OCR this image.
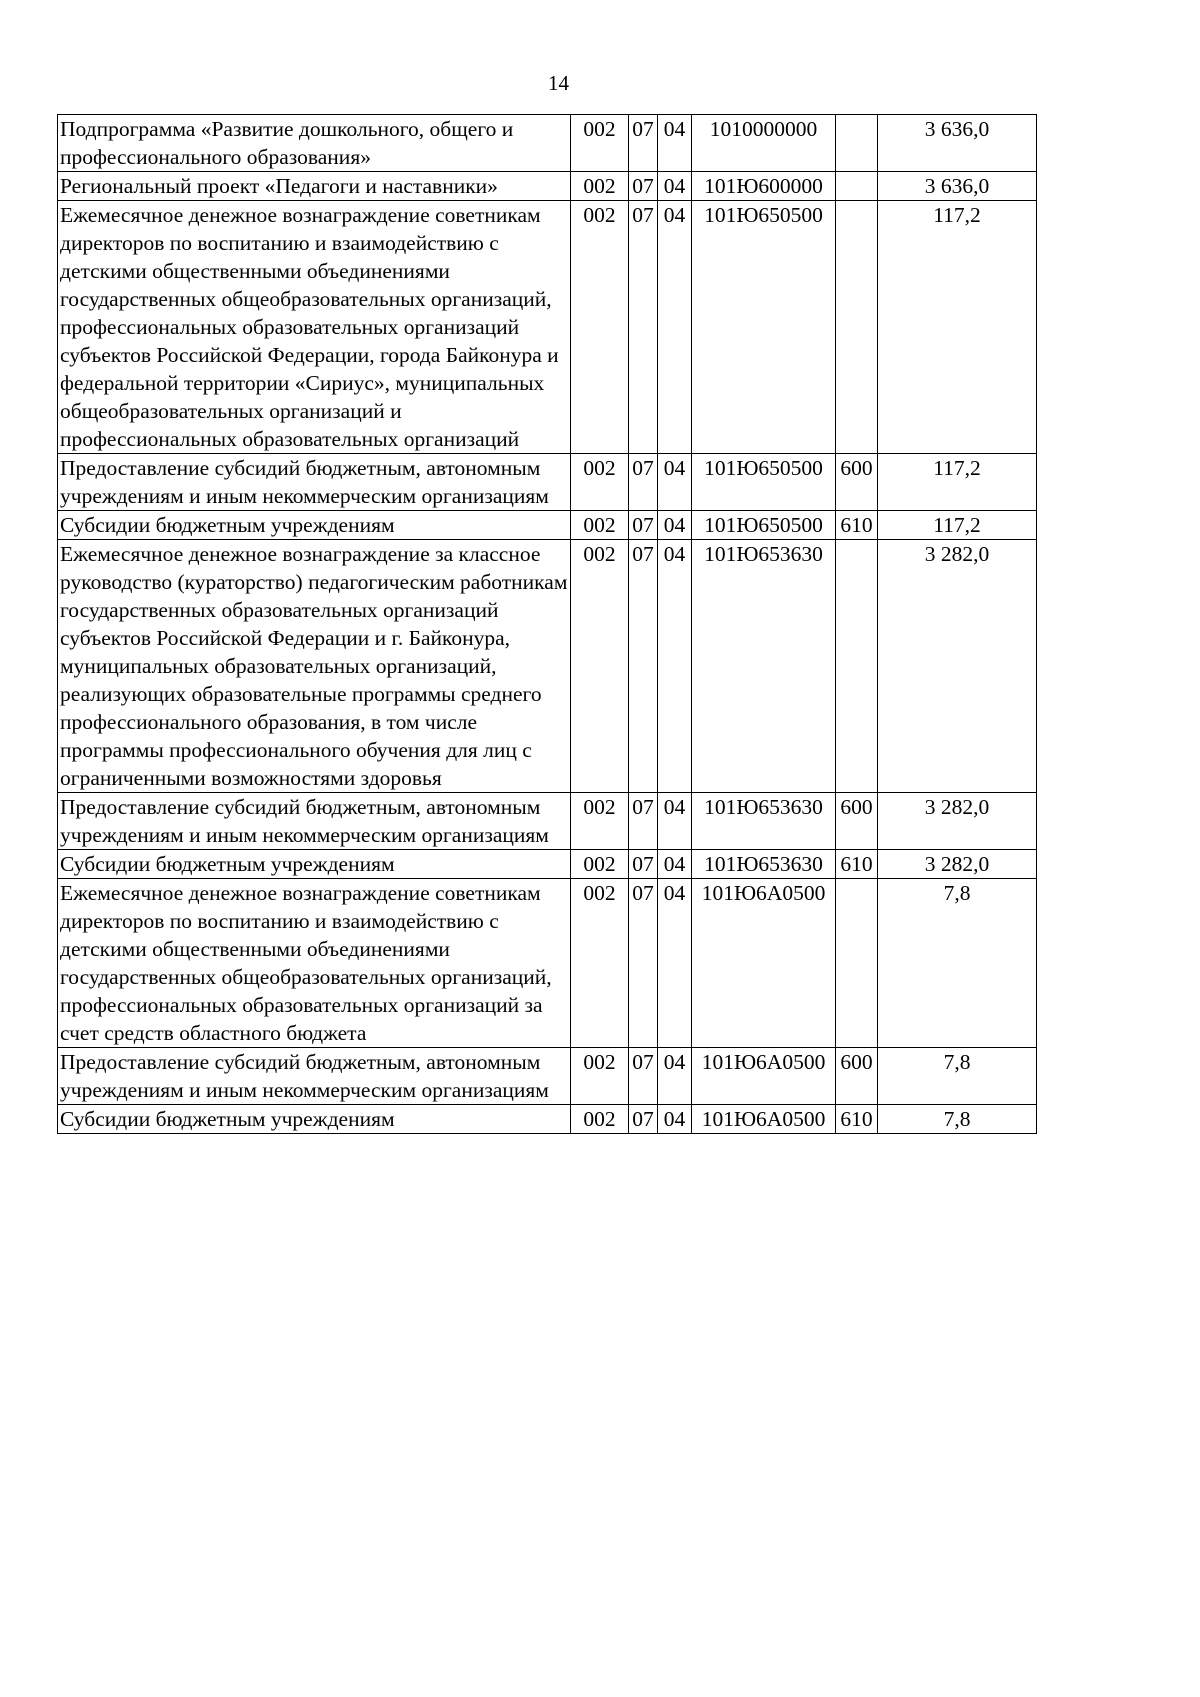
14
Подпрограмма «Развитие дошкольного, общего и профессионального образования»	002	07	04	1010000000		3 636,0
Региональный проект «Педагоги и наставники»	002	07	04	101Ю600000		3 636,0
Ежемесячное денежное вознаграждение советникам директоров по воспитанию и взаимодействию с детскими общественными объединениями государственных общеобразовательных организаций, профессиональных образовательных организаций субъектов Российской Федерации, города Байконура и федеральной территории «Сириус», муниципальных общеобразовательных организаций и профессиональных образовательных организаций	002	07	04	101Ю650500		117,2
Предоставление субсидий бюджетным, автономным учреждениям и иным некоммерческим организациям	002	07	04	101Ю650500	600	117,2
Субсидии бюджетным учреждениям	002	07	04	101Ю650500	610	117,2
Ежемесячное денежное вознаграждение за классное руководство (кураторство) педагогическим работникам государственных образовательных организаций субъектов Российской Федерации и г. Байконура, муниципальных образовательных организаций, реализующих образовательные программы среднего профессионального образования, в том числе программы профессионального обучения для лиц с ограниченными возможностями здоровья	002	07	04	101Ю653630		3 282,0
Предоставление субсидий бюджетным, автономным учреждениям и иным некоммерческим организациям	002	07	04	101Ю653630	600	3 282,0
Субсидии бюджетным учреждениям	002	07	04	101Ю653630	610	3 282,0
Ежемесячное денежное вознаграждение советникам директоров по воспитанию и взаимодействию с детскими общественными объединениями государственных общеобразовательных организаций, профессиональных образовательных организаций за счет средств областного бюджета	002	07	04	101Ю6А0500		7,8
Предоставление субсидий бюджетным, автономным учреждениям и иным некоммерческим организациям	002	07	04	101Ю6А0500	600	7,8
Субсидии бюджетным учреждениям	002	07	04	101Ю6А0500	610	7,8
